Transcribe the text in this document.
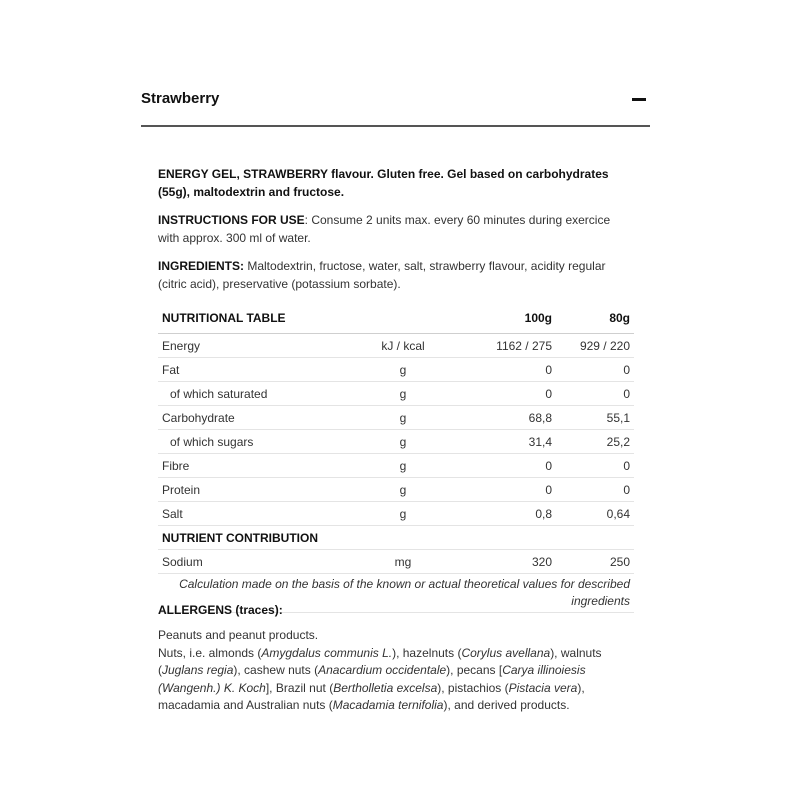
Strawberry

ENERGY GEL, STRAWBERRY flavour. Gluten free. Gel based on carbohydrates (55g), maltodextrin and fructose.

INSTRUCTIONS FOR USE: Consume 2 units max. every 60 minutes during exercice with approx. 300 ml of water.

INGREDIENTS: Maltodextrin, fructose, water, salt, strawberry flavour, acidity regular (citric acid), preservative (potassium sorbate).

NUTRITIONAL TABLE		100g	80g
Energy	kJ / kcal	1162 / 275	929 / 220
Fat	g	0	0
of which saturated	g	0	0
Carbohydrate	g	68,8	55,1
of which sugars	g	31,4	25,2
Fibre	g	0	0
Protein	g	0	0
Salt	g	0,8	0,64
NUTRIENT CONTRIBUTION			
Sodium	mg	320	250
Calculation made on the basis of the known or actual theoretical values for described ingredients			
ALLERGENS (traces):

Peanuts and peanut products.

Nuts, i.e. almonds (Amygdalus communis L.), hazelnuts (Corylus avellana), walnuts (Juglans regia), cashew nuts (Anacardium occidentale), pecans [Carya illinoiesis (Wangenh.) K. Koch], Brazil nut (Bertholletia excelsa), pistachios (Pistacia vera), macadamia and Australian nuts (Macadamia ternifolia), and derived products.
